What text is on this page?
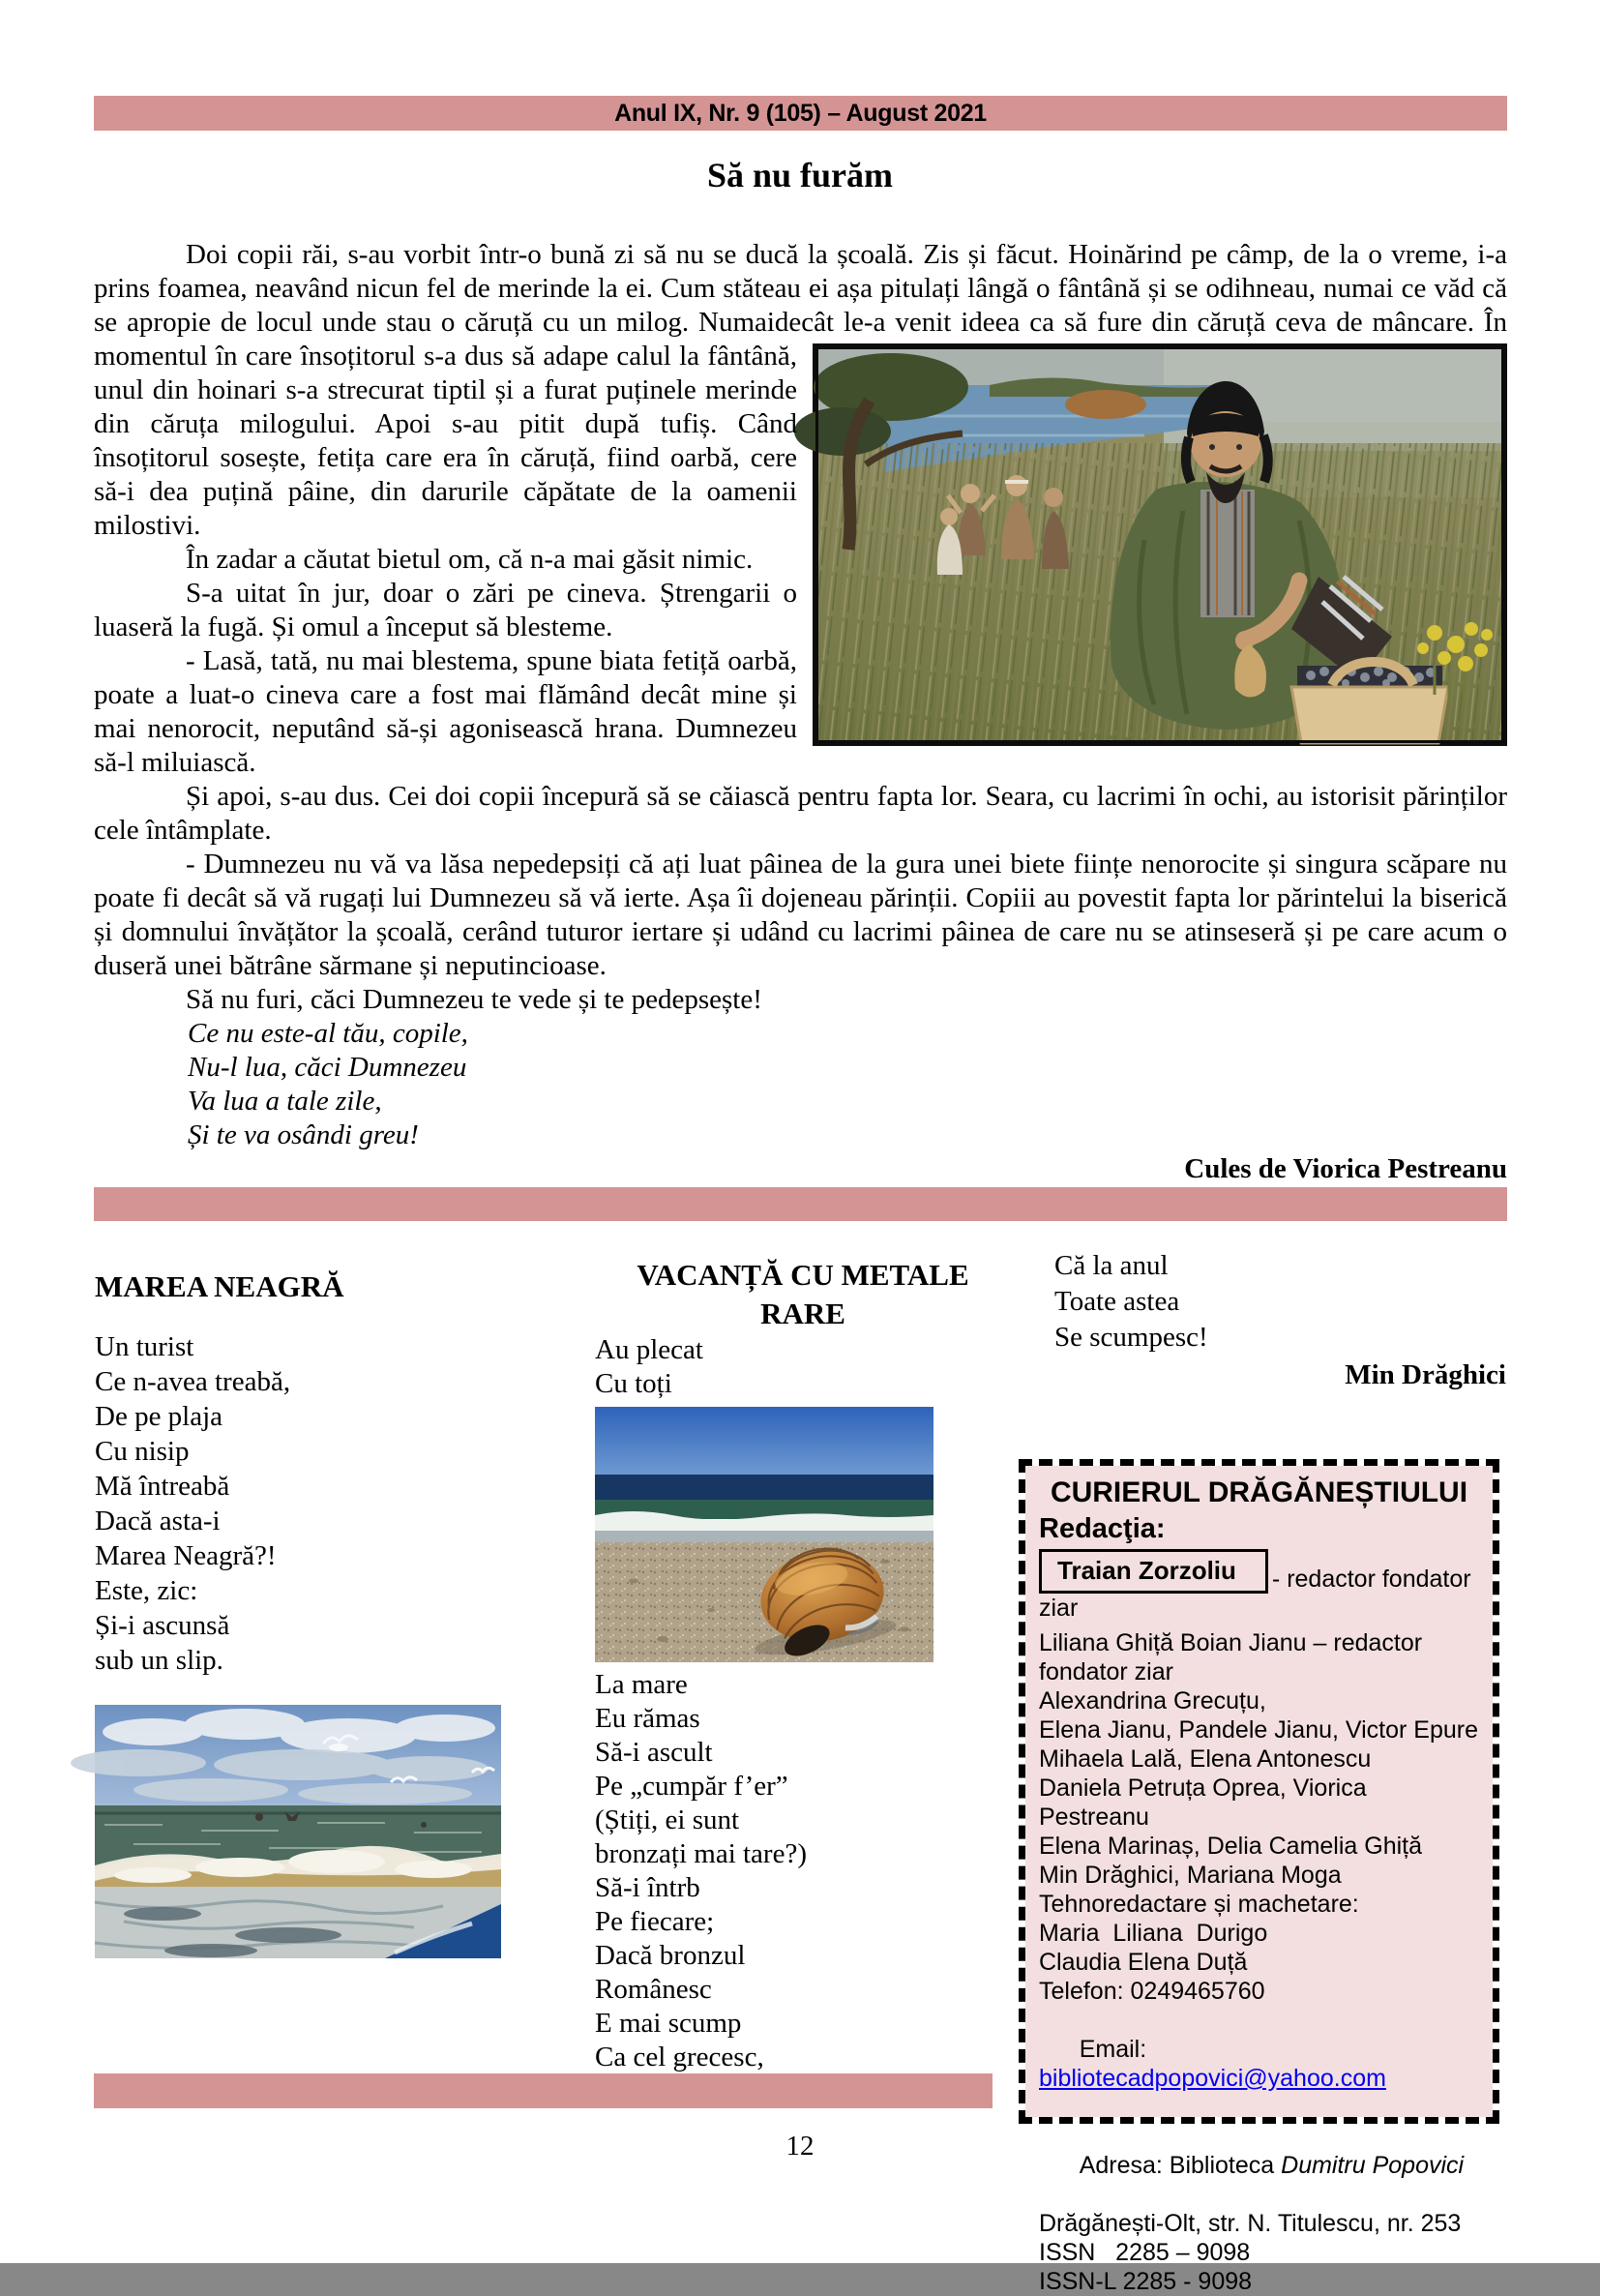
Anul IX, Nr. 9 (105) – August 2021
Să nu furăm

Doi copii răi, s-au vorbit într-o bună zi să nu se ducă la școală. Zis și făcut. Hoinărind pe câmp, de la o vreme, i-a prins foamea, neavând nicun fel de merinde la ei. Cum stăteau ei așa pitulați lângă o fântână și se odihneau, numai ce văd că se apropie de locul unde stau o căruță cu un milog. Numaidecât le-a venit ideea ca să fure din căruță ceva de mâncare. În momentul în care însoțitorul s-a dus să adape calul la fântână, unul din hoinari s-a strecurat tiptil și a furat puținele merinde din căruța milogului. Apoi s-au pitit după tufiș. Când însoțitorul sosește, fetița care era în căruță, fiind oarbă, cere să-i dea puțină pâine, din darurile căpătate de la oamenii milostivi.

În zadar a căutat bietul om, că n-a mai găsit nimic.

S-a uitat în jur, doar o zări pe cineva. Ștrengarii o luaseră la fugă. Și omul a început să blesteme.

- Lasă, tată, nu mai blestema, spune biata fetiță oarbă, poate a luat-o cineva care a fost mai flămând decât mine și mai nenorocit, neputând să-și agonisească hrana. Dumnezeu să-l miluiască.

Și apoi, s-au dus. Cei doi copii începură să se căiască pentru fapta lor. Seara, cu lacrimi în ochi, au istorisit părinților cele întâmplate.

- Dumnezeu nu vă va lăsa nepedepsiți că ați luat pâinea de la gura unei biete ființe nenorocite și singura scăpare nu poate fi decât să vă rugați lui Dumnezeu să vă ierte. Așa îi dojeneau părinții. Copiii au povestit fapta lor părintelui la biserică și domnului învățător la școală, cerând tuturor iertare și udând cu lacrimi pâinea de care nu se atinseseră și pe care acum o duseră unei bătrâne sărmane și neputincioase.

Să nu furi, căci Dumnezeu te vede și te pedepsește!

Ce nu este-al tău, copile,
Nu-l lua, căci Dumnezeu
Va lua a tale zile,
Și te va osândi greu!

Cules de Viorica Pestreanu

MAREA NEAGRĂ
Un turist
Ce n-avea treabă,
De pe plaja
Cu nisip
Mă întreabă
Dacă asta-i
Marea Neagră?!
Este, zic:
Și-i ascunsă
sub un slip.
VACANȚĂ CU METALE RARE
Au plecat
Cu toți
La mare
Eu rămas
Să-i ascult
Pe „cumpăr f’er”
(Știți, ei sunt
bronzați mai tare?)
Să-i întrb
Pe fiecare;
Dacă bronzul
Românesc
E mai scump
Ca cel grecesc,
Că la anul
Toate astea
Se scumpesc!
Min Drăghici
CURIERUL DRĂGĂNEȘTIULUI
Redacţia:
Traian Zorzoliu - redactor fondator ziar
Liliana Ghiță Boian Jianu – redactor
fondator ziar
Alexandrina Grecuțu,
Elena Jianu, Pandele Jianu, Victor Epure
Mihaela Lală, Elena Antonescu
Daniela Petruța Oprea, Viorica Pestreanu
Elena Marinaș, Delia Camelia Ghiță
Min Drăghici, Mariana Moga
Tehnoredactare și machetare:
Maria  Liliana  Durigo
Claudia Elena Duță
Telefon: 0249465760

Email: bibliotecadpopovici@yahoo.com

Adresa: Biblioteca Dumitru Popovici

Drăgănești-Olt, str. N. Titulescu, nr. 253
ISSN   2285 – 9098
ISSN-L 2285 - 9098
12
